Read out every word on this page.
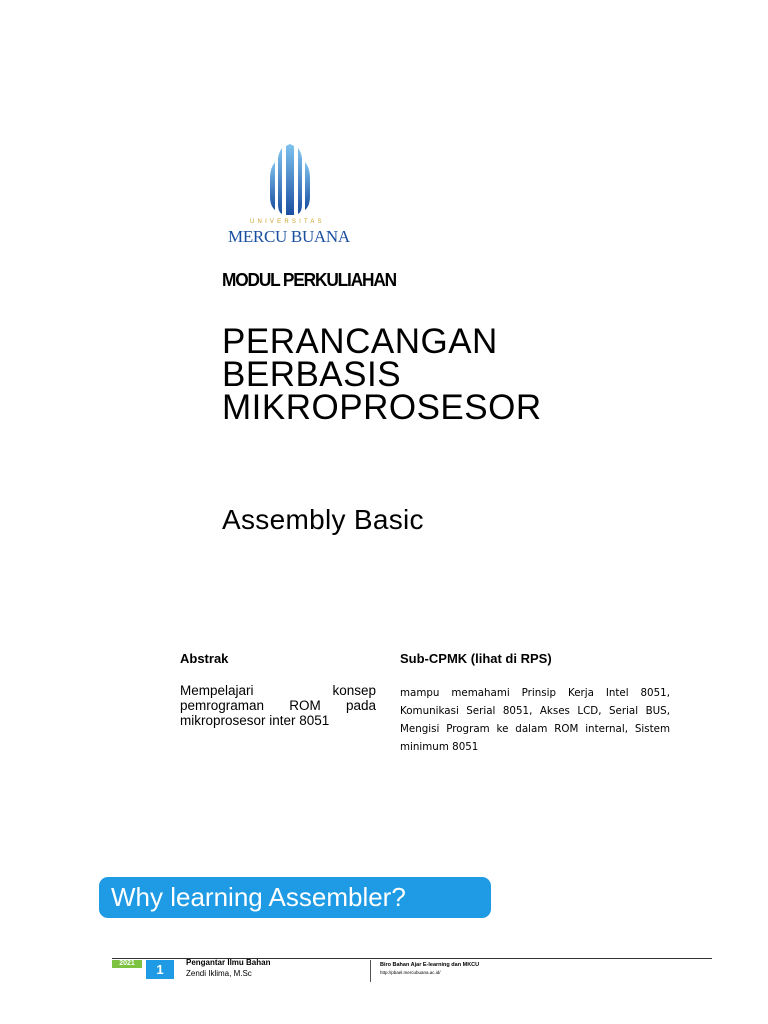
UNIVERSITAS
MERCU BUANA
MODUL PERKULIAHAN
PERANCANGAN
BERBASIS
MIKROPROSESOR
Assembly Basic
Abstrak
Mempelajari konsep pemrograman ROM pada mikroprosesor inter 8051
Sub-CPMK (lihat di RPS)
mampu memahami Prinsip Kerja Intel 8051, Komunikasi Serial 8051, Akses LCD, Serial BUS, Mengisi Program ke dalam ROM internal, Sistem minimum 8051
Why learning Assembler?
2021	1	Pengantar Ilmu Bahan
Zendi Iklima, M.Sc
Biro Bahan Ajar E-learning dan MKCU
http://pbael.mercubuana.ac.id/
